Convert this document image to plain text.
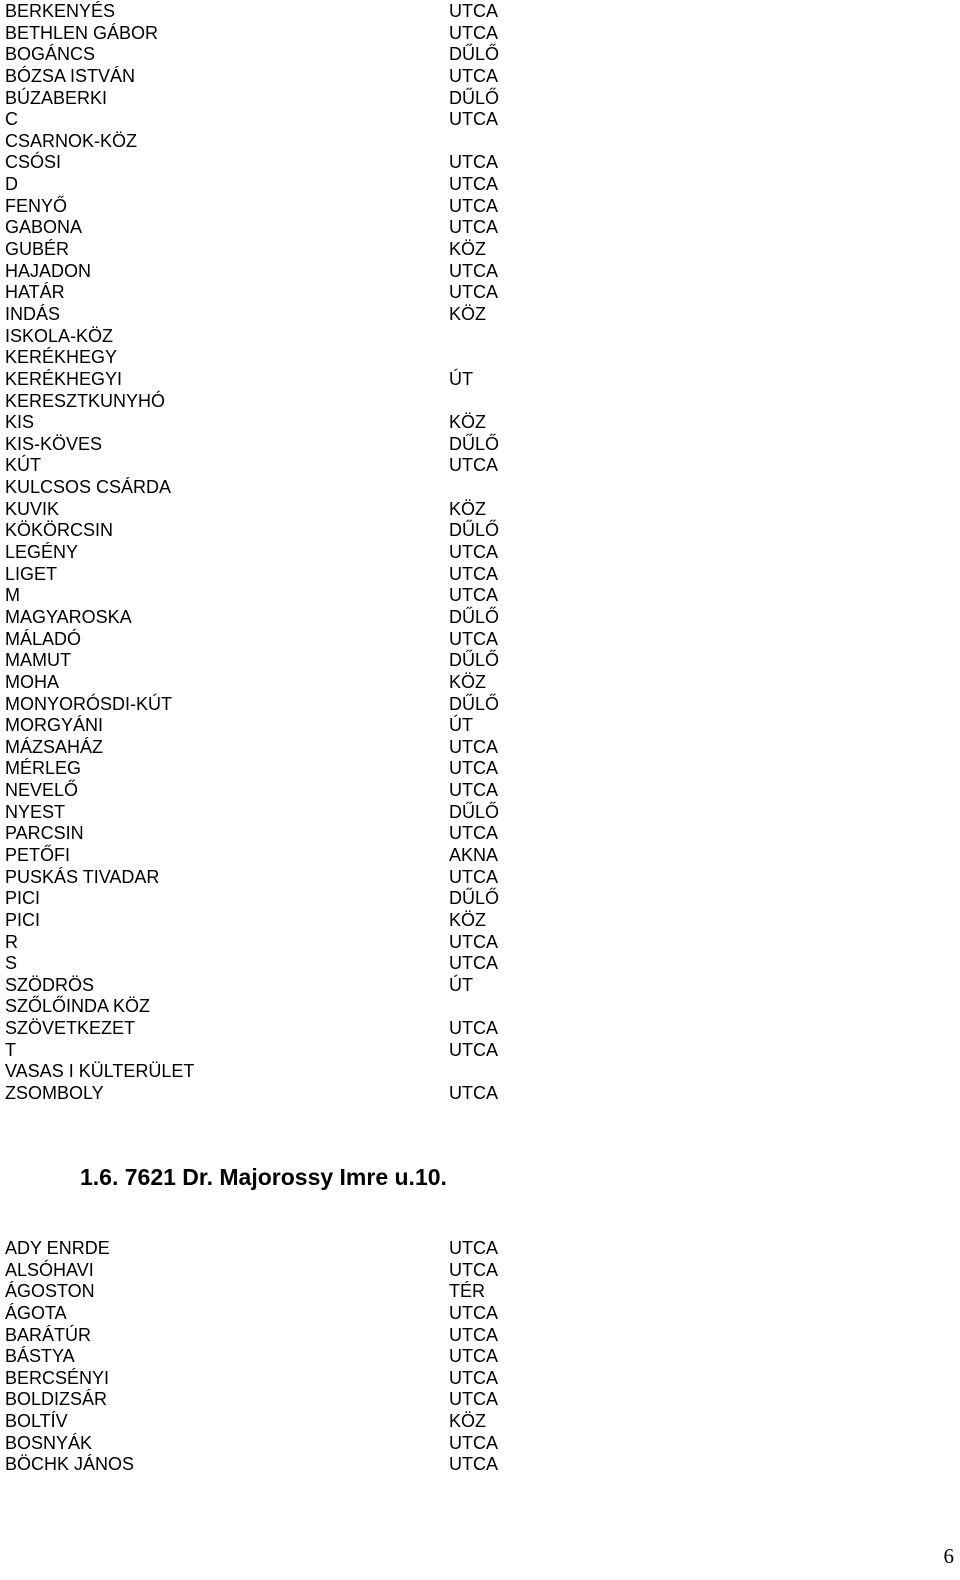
BERKENYÉS	UTCA
BETHLEN GÁBOR	UTCA
BOGÁNCS	DŰLŐ
BÓZSA ISTVÁN	UTCA
BÚZABERKI	DŰLŐ
C	UTCA
CSARNOK-KÖZ
CSÓSI	UTCA
D	UTCA
FENYŐ	UTCA
GABONA	UTCA
GUBÉR	KÖZ
HAJADON	UTCA
HATÁR	UTCA
INDÁS	KÖZ
ISKOLA-KÖZ
KERÉKHEGY
KERÉKHEGYI	ÚT
KERESZTKUNYHÓ
KIS	KÖZ
KIS-KÖVES	DŰLŐ
KÚT	UTCA
KULCSOS CSÁRDA
KUVIK	KÖZ
KÖKÖRCSIN	DŰLŐ
LEGÉNY	UTCA
LIGET	UTCA
M	UTCA
MAGYAROSKA	DŰLŐ
MÁLADÓ	UTCA
MAMUT	DŰLŐ
MOHA	KÖZ
MONYORÓSDI-KÚT	DŰLŐ
MORGYÁNI	ÚT
MÁZSAHÁZ	UTCA
MÉRLEG	UTCA
NEVELŐ	UTCA
NYEST	DŰLŐ
PARCSIN	UTCA
PETŐFI	AKNA
PUSKÁS TIVADAR	UTCA
PICI	DŰLŐ
PICI	KÖZ
R	UTCA
S	UTCA
SZÖDRÖS	ÚT
SZŐLŐINDA KÖZ
SZÖVETKEZET	UTCA
T	UTCA
VASAS I KÜLTERÜLET
ZSOMBOLY	UTCA
1.6. 7621 Dr. Majorossy Imre u.10.
ADY ENRDE	UTCA
ALSÓHAVI	UTCA
ÁGOSTON	TÉR
ÁGOTA	UTCA
BARÁTÚR	UTCA
BÁSTYA	UTCA
BERCSÉNYI	UTCA
BOLDIZSÁR	UTCA
BOLTÍV	KÖZ
BOSNYÁK	UTCA
BÖCHK JÁNOS	UTCA
6
